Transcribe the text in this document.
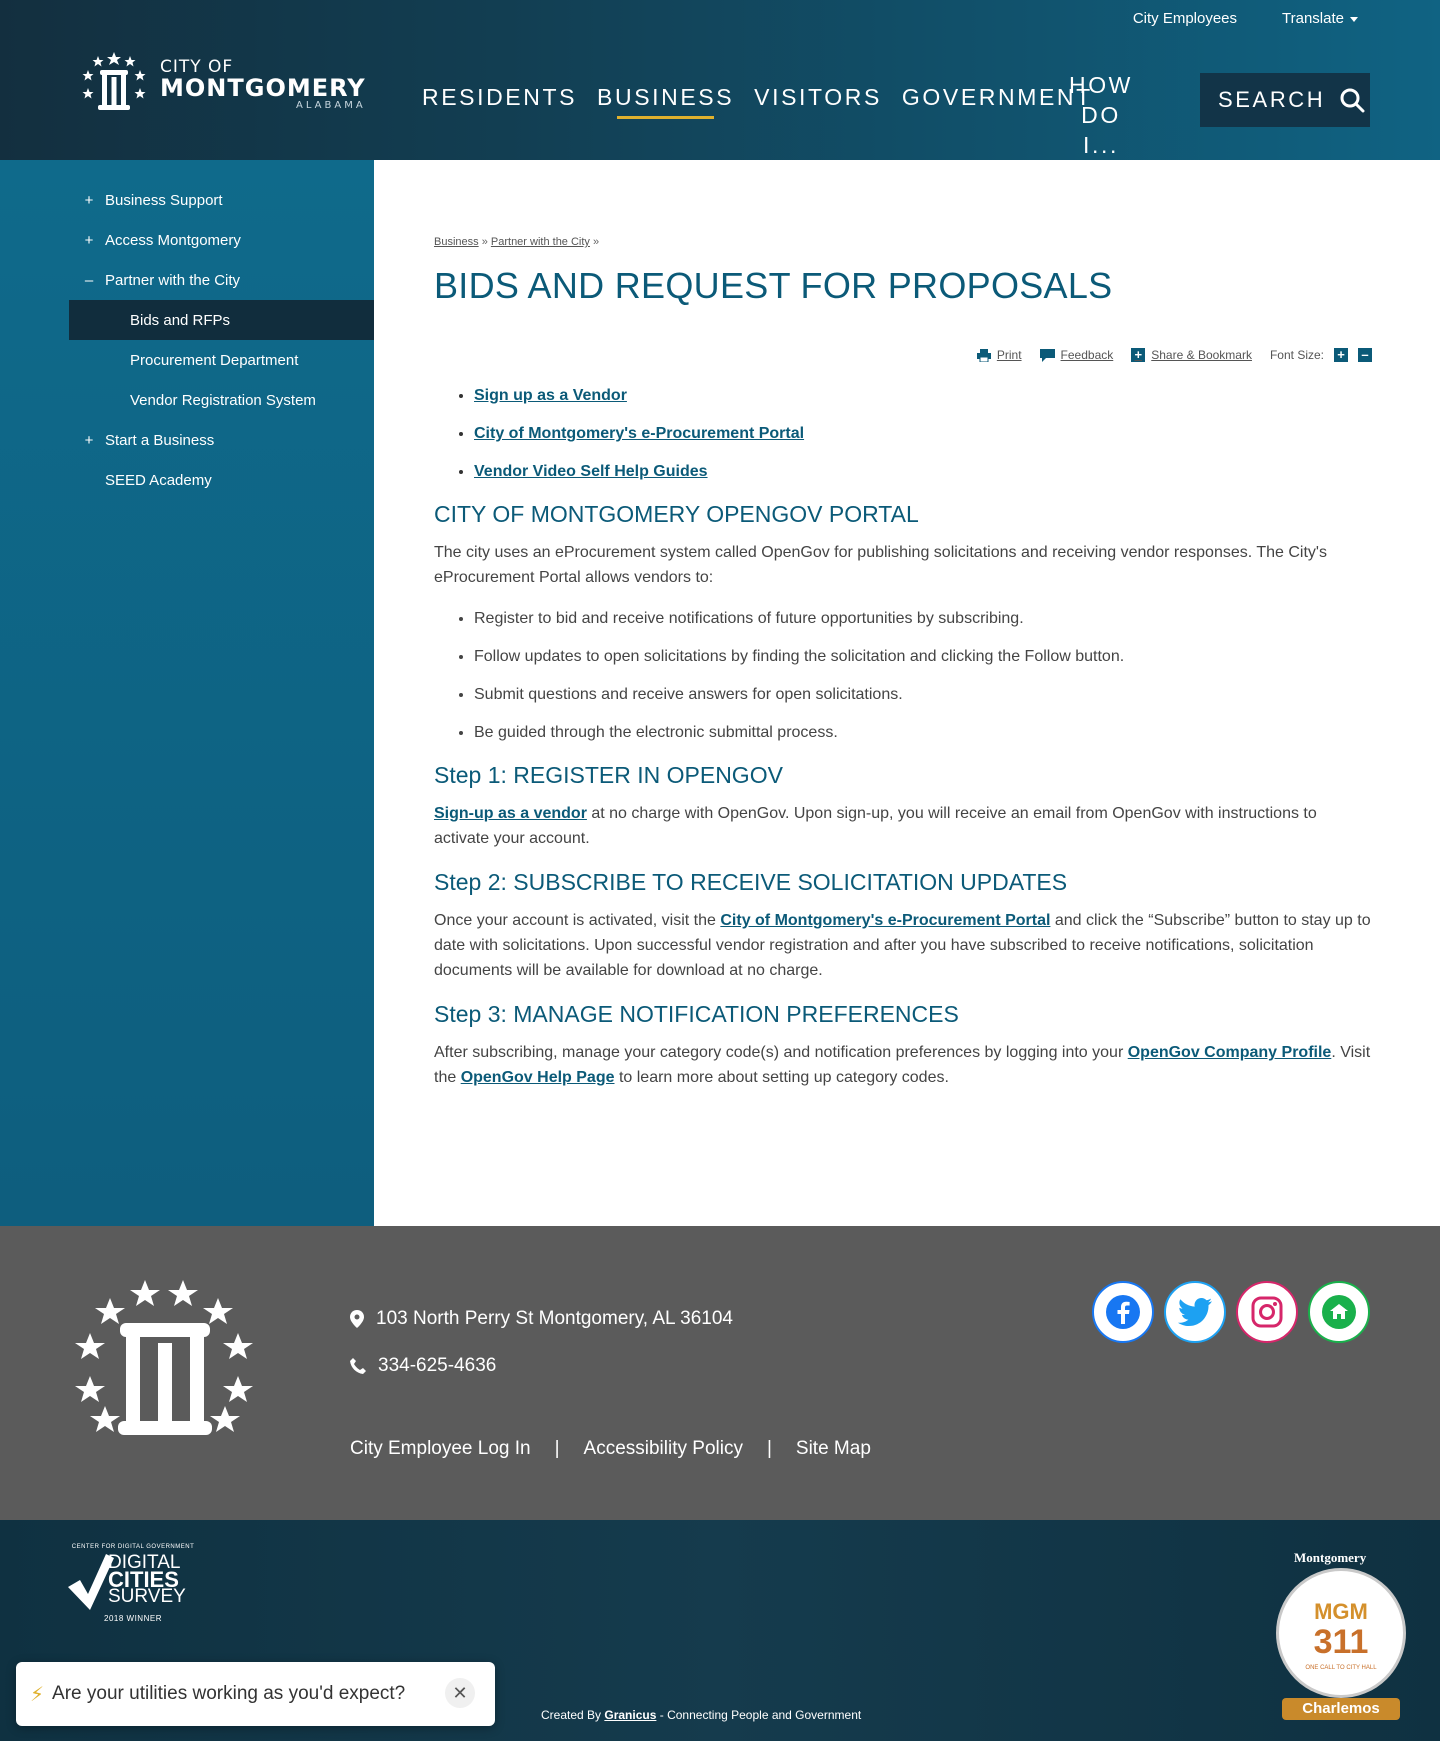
CITY OF
MONTGOMERY
ALABAMA
City Employees	Translate
RESIDENTS BUSINESS VISITORS GOVERNMENT
HOW DO
I...
SEARCH
+ Business Support
+ Access Montgomery
– Partner with the City
Bids and RFPs
Procurement Department
Vendor Registration System
+ Start a Business
SEED Academy
Business » Partner with the City »
BIDS AND REQUEST FOR PROPOSALS
Print	Feedback + Share & Bookmark Font Size: + –
• Sign up as a Vendor
• City of Montgomery's e-Procurement Portal
• Vendor Video Self Help Guides
CITY OF MONTGOMERY OPENGOV PORTAL

The city uses an eProcurement system called OpenGov for publishing solicitations and receiving vendor responses. The City's eProcurement Portal allows vendors to:

• Register to bid and receive notifications of future opportunities by subscribing.
• Follow updates to open solicitations by finding the solicitation and clicking the Follow button.
• Submit questions and receive answers for open solicitations.
• Be guided through the electronic submittal process.
Step 1: REGISTER IN OPENGOV

Sign-up as a vendor at no charge with OpenGov. Upon sign-up, you will receive an email from OpenGov with instructions to activate your account.

Step 2: SUBSCRIBE TO RECEIVE SOLICITATION UPDATES

Once your account is activated, visit the City of Montgomery's e-Procurement Portal and click the “Subscribe” button to stay up to date with solicitations. Upon successful vendor registration and after you have subscribed to receive notifications, solicitation documents will be available for download at no charge.

Step 3: MANAGE NOTIFICATION PREFERENCES

After subscribing, manage your category code(s) and notification preferences by logging into your OpenGov Company Profile. Visit the OpenGov Help Page to learn more about setting up category codes.

103 North Perry St Montgomery, AL 36104
334-625-4636
City Employee Log In | Accessibility Policy | Site Map
CENTER FOR DIGITAL GOVERNMENT
DIGITAL
CITIES
SURVEY
2018 WINNER
Created By Granicus - Connecting People and Government
Montgomery
MGM
311
ONE CALL TO CITY HALL
Charlemos
⚡ Are your utilities working as you'd expect?	✕
